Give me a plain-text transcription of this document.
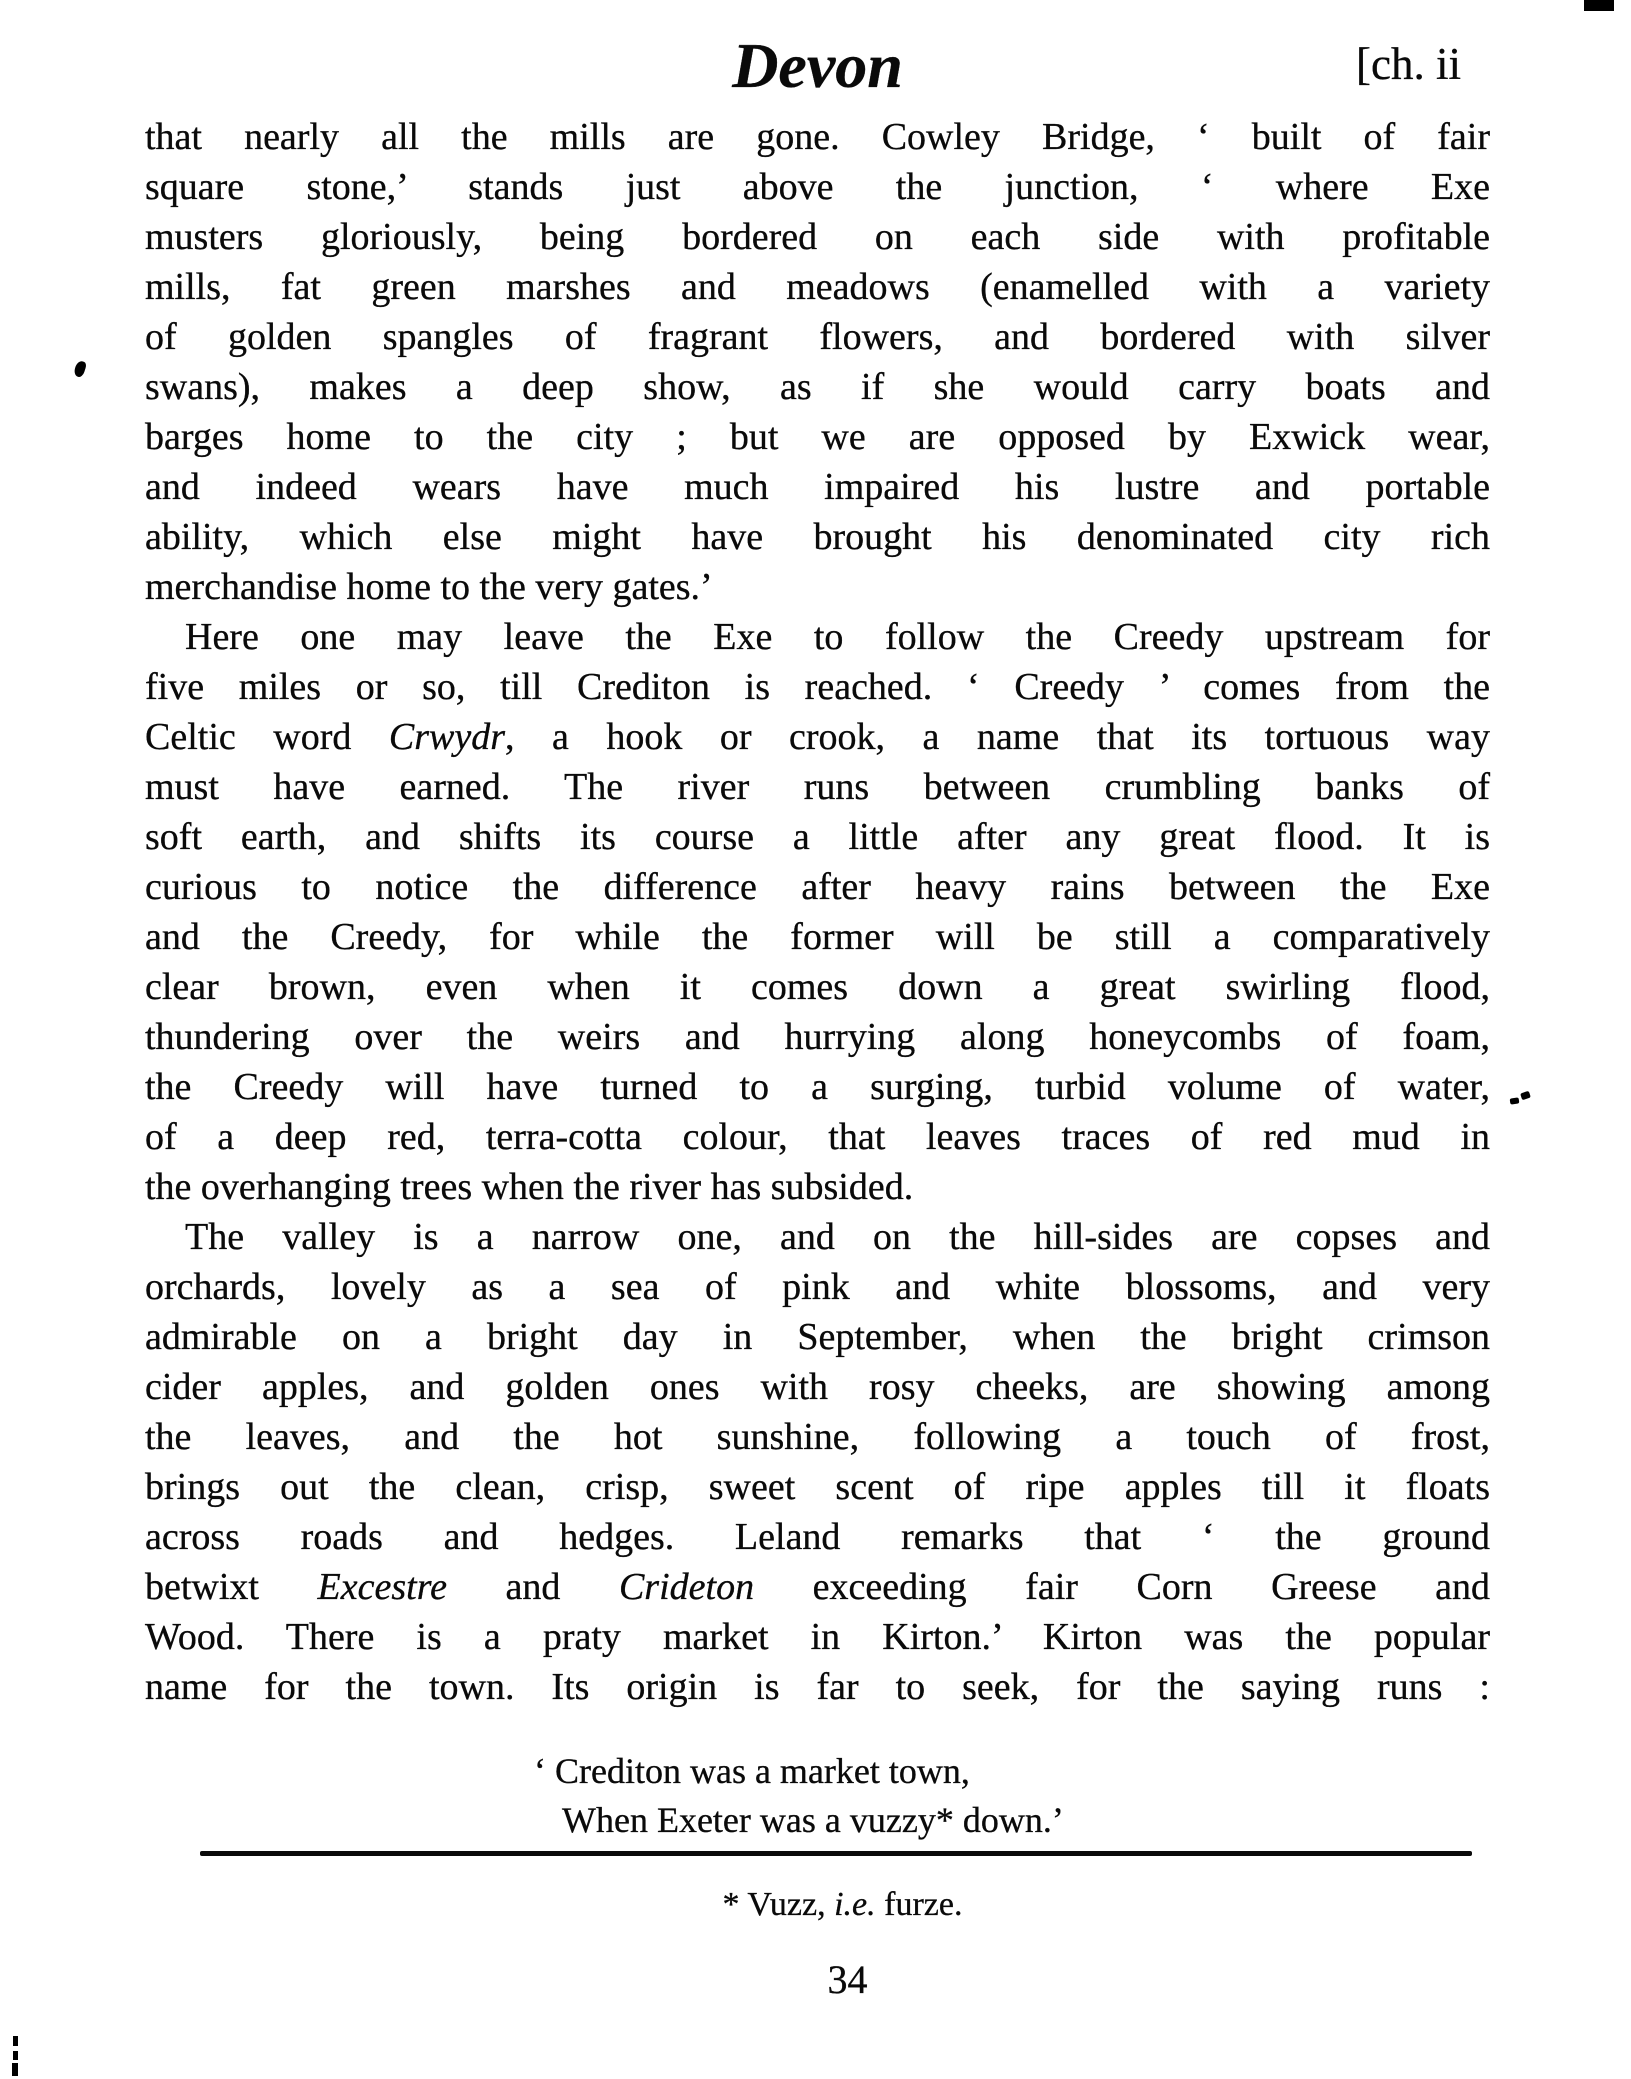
Devon	[ch. ii
that nearly all the mills are gone. Cowley Bridge, ‘ built of fair
square stone,’ stands just above the junction, ‘ where Exe
musters gloriously, being bordered on each side with profitable
mills, fat green marshes and meadows (enamelled with a variety
of golden spangles of fragrant flowers, and bordered with silver
swans), makes a deep show, as if she would carry boats and
barges home to the city ; but we are opposed by Exwick wear,
and indeed wears have much impaired his lustre and portable
ability, which else might have brought his denominated city rich
merchandise home to the very gates.’
Here one may leave the Exe to follow the Creedy upstream for
five miles or so, till Crediton is reached. ‘ Creedy ’ comes from the
Celtic word Crwydr, a hook or crook, a name that its tortuous way
must have earned. The river runs between crumbling banks of
soft earth, and shifts its course a little after any great flood. It is
curious to notice the difference after heavy rains between the Exe
and the Creedy, for while the former will be still a comparatively
clear brown, even when it comes down a great swirling flood,
thundering over the weirs and hurrying along honeycombs of foam,
the Creedy will have turned to a surging, turbid volume of water,
of a deep red, terra-cotta colour, that leaves traces of red mud in
the overhanging trees when the river has subsided.
The valley is a narrow one, and on the hill-sides are copses and
orchards, lovely as a sea of pink and white blossoms, and very
admirable on a bright day in September, when the bright crimson
cider apples, and golden ones with rosy cheeks, are showing among
the leaves, and the hot sunshine, following a touch of frost,
brings out the clean, crisp, sweet scent of ripe apples till it floats
across roads and hedges. Leland remarks that ‘ the ground
betwixt Excestre and Crideton exceeding fair Corn Greese and
Wood. There is a praty market in Kirton.’ Kirton was the popular
name for the town. Its origin is far to seek, for the saying runs :
‘ Crediton was a market town,
When Exeter was a vuzzy* down.’
* Vuzz, i.e. furze.
34
